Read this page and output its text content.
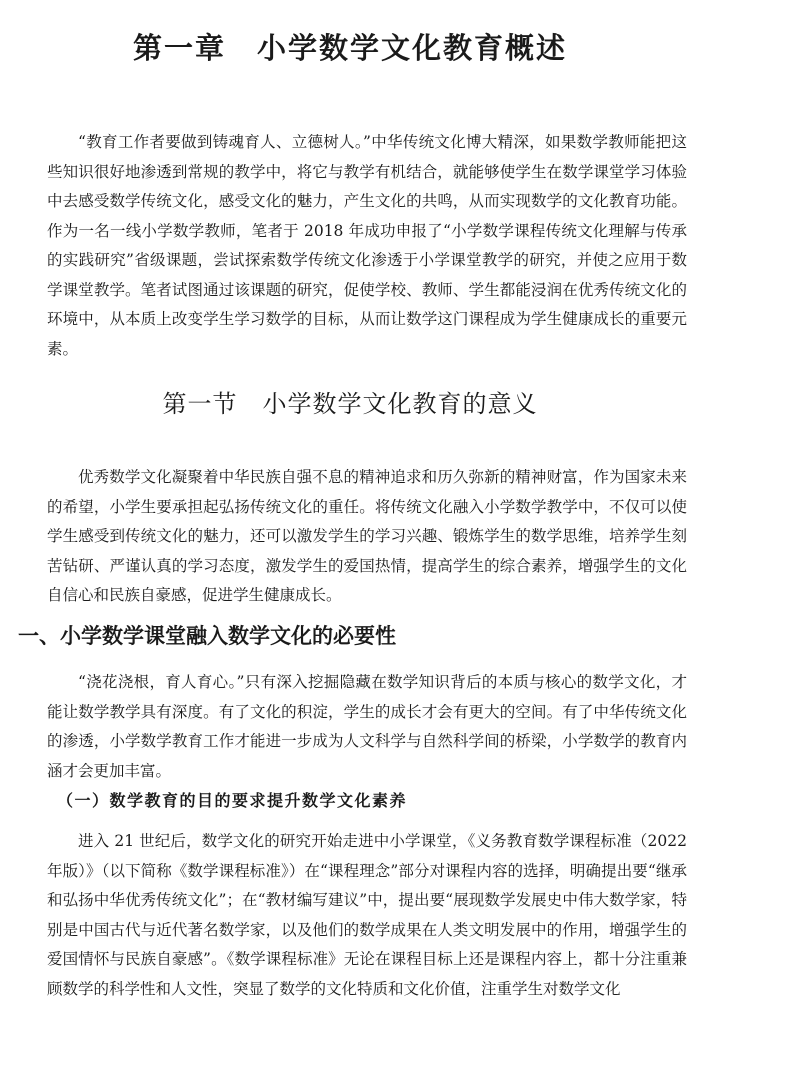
第一章　小学数学文化教育概述

“教育工作者要做到铸魂育人、立德树人。”中华传统文化博大精深，如果数学教师能把这些知识很好地渗透到常规的教学中，将它与教学有机结合，就能够使学生在数学课堂学习体验中去感受数学传统文化，感受文化的魅力，产生文化的共鸣，从而实现数学的文化教育功能。作为一名一线小学数学教师，笔者于 2018 年成功申报了“小学数学课程传统文化理解与传承的实践研究”省级课题，尝试探索数学传统文化渗透于小学课堂教学的研究，并使之应用于数学课堂教学。笔者试图通过该课题的研究，促使学校、教师、学生都能浸润在优秀传统文化的环境中，从本质上改变学生学习数学的目标，从而让数学这门课程成为学生健康成长的重要元素。

第一节　小学数学文化教育的意义

优秀数学文化凝聚着中华民族自强不息的精神追求和历久弥新的精神财富，作为国家未来的希望，小学生要承担起弘扬传统文化的重任。将传统文化融入小学数学教学中，不仅可以使学生感受到传统文化的魅力，还可以激发学生的学习兴趣、锻炼学生的数学思维，培养学生刻苦钻研、严谨认真的学习态度，激发学生的爱国热情，提高学生的综合素养，增强学生的文化自信心和民族自豪感，促进学生健康成长。

一、小学数学课堂融入数学文化的必要性

“浇花浇根，育人育心。”只有深入挖掘隐藏在数学知识背后的本质与核心的数学文化，才能让数学教学具有深度。有了文化的积淀，学生的成长才会有更大的空间。有了中华传统文化的渗透，小学数学教育工作才能进一步成为人文科学与自然科学间的桥梁，小学数学的教育内涵才会更加丰富。

（一）数学教育的目的要求提升数学文化素养

进入 21 世纪后，数学文化的研究开始走进中小学课堂，《义务教育数学课程标准（2022 年版）》（以下简称《数学课程标准》）在“课程理念”部分对课程内容的选择，明确提出要“继承和弘扬中华优秀传统文化”；在“教材编写建议”中，提出要“展现数学发展史中伟大数学家，特别是中国古代与近代著名数学家，以及他们的数学成果在人类文明发展中的作用，增强学生的爱国情怀与民族自豪感”。《数学课程标准》无论在课程目标上还是课程内容上，都十分注重兼顾数学的科学性和人文性，突显了数学的文化特质和文化价值，注重学生对数学文化
